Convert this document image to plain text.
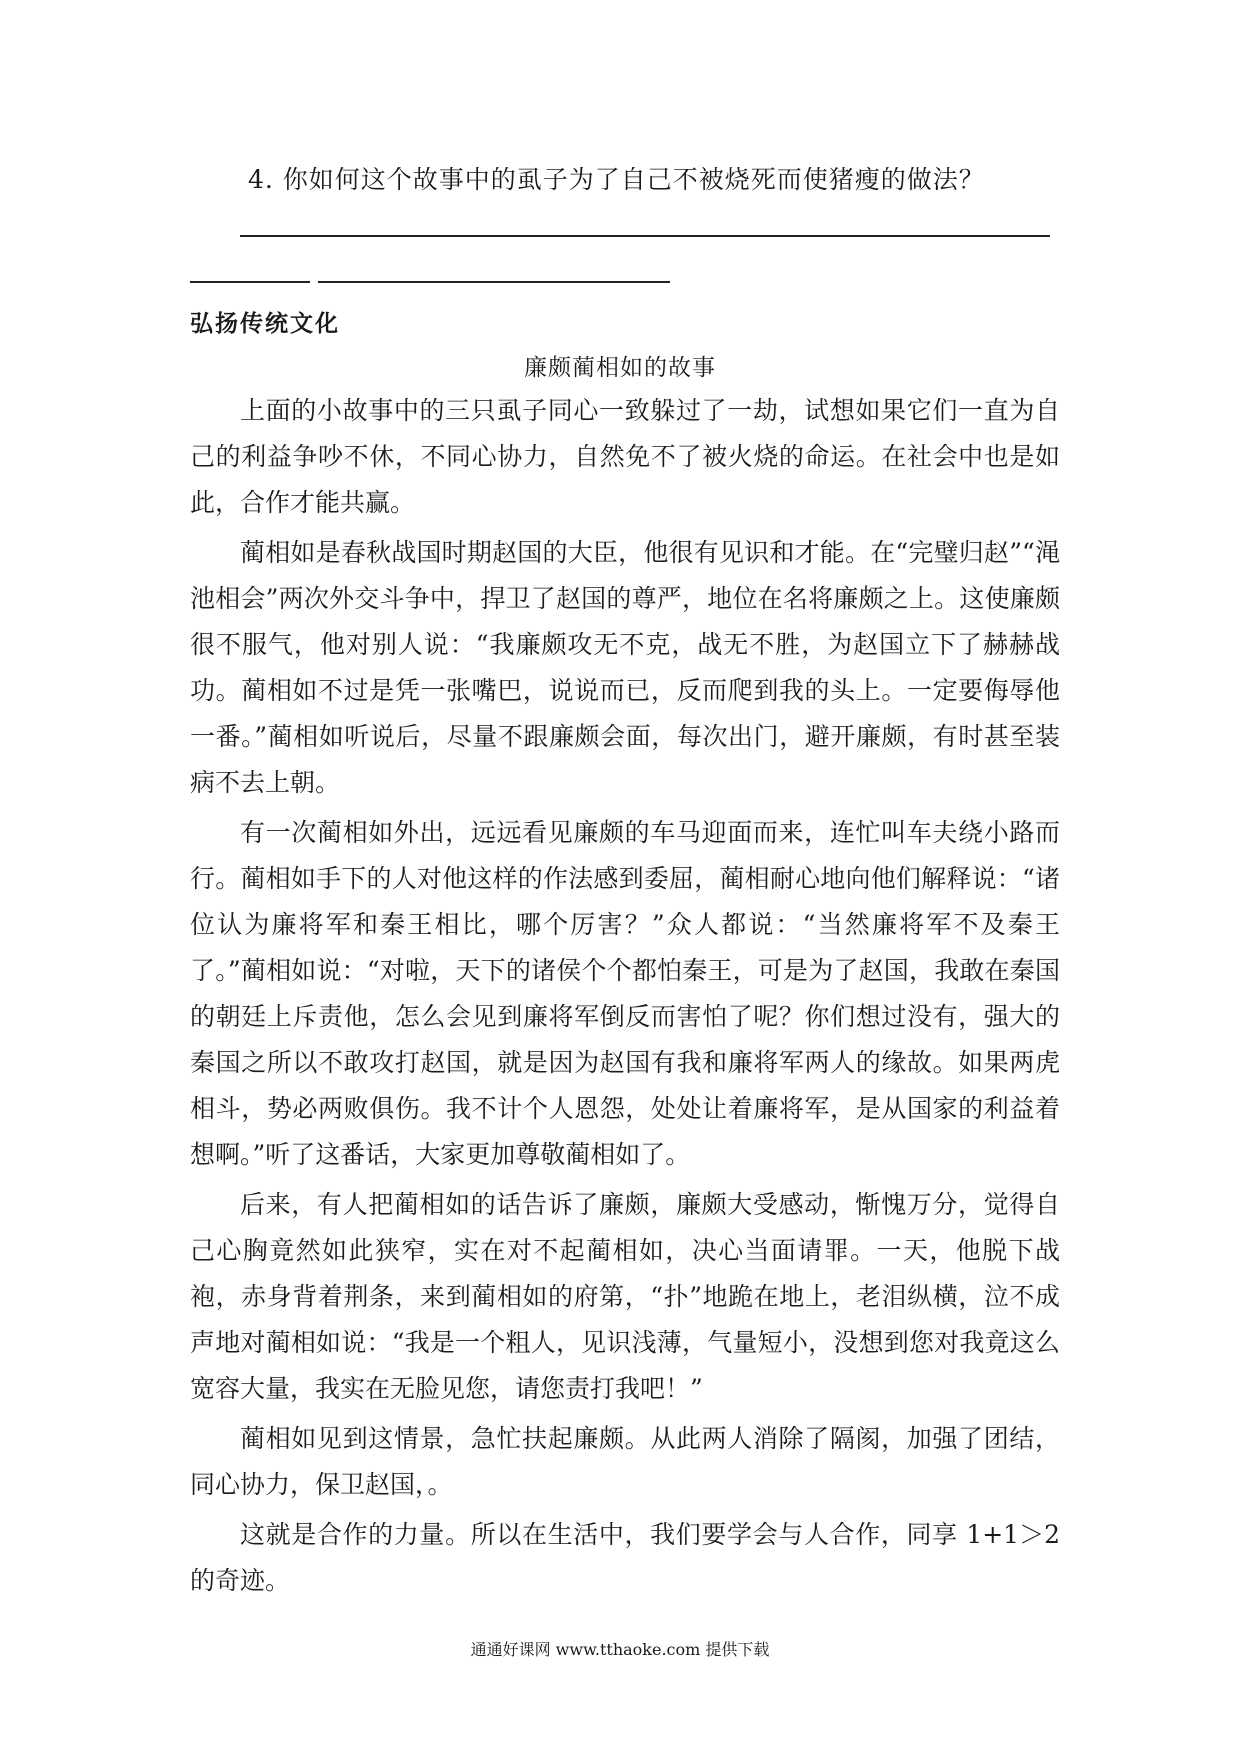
4. 你如何这个故事中的虱子为了自己不被烧死而使猪瘦的做法？
弘扬传统文化
廉颇蔺相如的故事

上面的小故事中的三只虱子同心一致躲过了一劫，试想如果它们一直为自己的利益争吵不休，不同心协力，自然免不了被火烧的命运。在社会中也是如此，合作才能共赢。

蔺相如是春秋战国时期赵国的大臣，他很有见识和才能。在“完璧归赵”“渑池相会”两次外交斗争中，捍卫了赵国的尊严，地位在名将廉颇之上。这使廉颇很不服气，他对别人说：“我廉颇攻无不克，战无不胜，为赵国立下了赫赫战功。蔺相如不过是凭一张嘴巴，说说而已，反而爬到我的头上。一定要侮辱他一番。”蔺相如听说后，尽量不跟廉颇会面，每次出门，避开廉颇，有时甚至装病不去上朝。

有一次蔺相如外出，远远看见廉颇的车马迎面而来，连忙叫车夫绕小路而行。蔺相如手下的人对他这样的作法感到委屈，蔺相耐心地向他们解释说：“诸位认为廉将军和秦王相比，哪个厉害？”众人都说：“当然廉将军不及秦王了。”蔺相如说：“对啦，天下的诸侯个个都怕秦王，可是为了赵国，我敢在秦国的朝廷上斥责他，怎么会见到廉将军倒反而害怕了呢？你们想过没有，强大的秦国之所以不敢攻打赵国，就是因为赵国有我和廉将军两人的缘故。如果两虎相斗，势必两败俱伤。我不计个人恩怨，处处让着廉将军，是从国家的利益着想啊。”听了这番话，大家更加尊敬蔺相如了。

后来，有人把蔺相如的话告诉了廉颇，廉颇大受感动，惭愧万分，觉得自己心胸竟然如此狭窄，实在对不起蔺相如，决心当面请罪。一天，他脱下战袍，赤身背着荆条，来到蔺相如的府第，“扑”地跪在地上，老泪纵横，泣不成声地对蔺相如说：“我是一个粗人，见识浅薄，气量短小，没想到您对我竟这么宽容大量，我实在无脸见您，请您责打我吧！”

蔺相如见到这情景，急忙扶起廉颇。从此两人消除了隔阂，加强了团结，同心协力，保卫赵国，。

这就是合作的力量。所以在生活中，我们要学会与人合作，同享 1+1＞2 的奇迹。

通通好课网 www.tthaoke.com 提供下载
